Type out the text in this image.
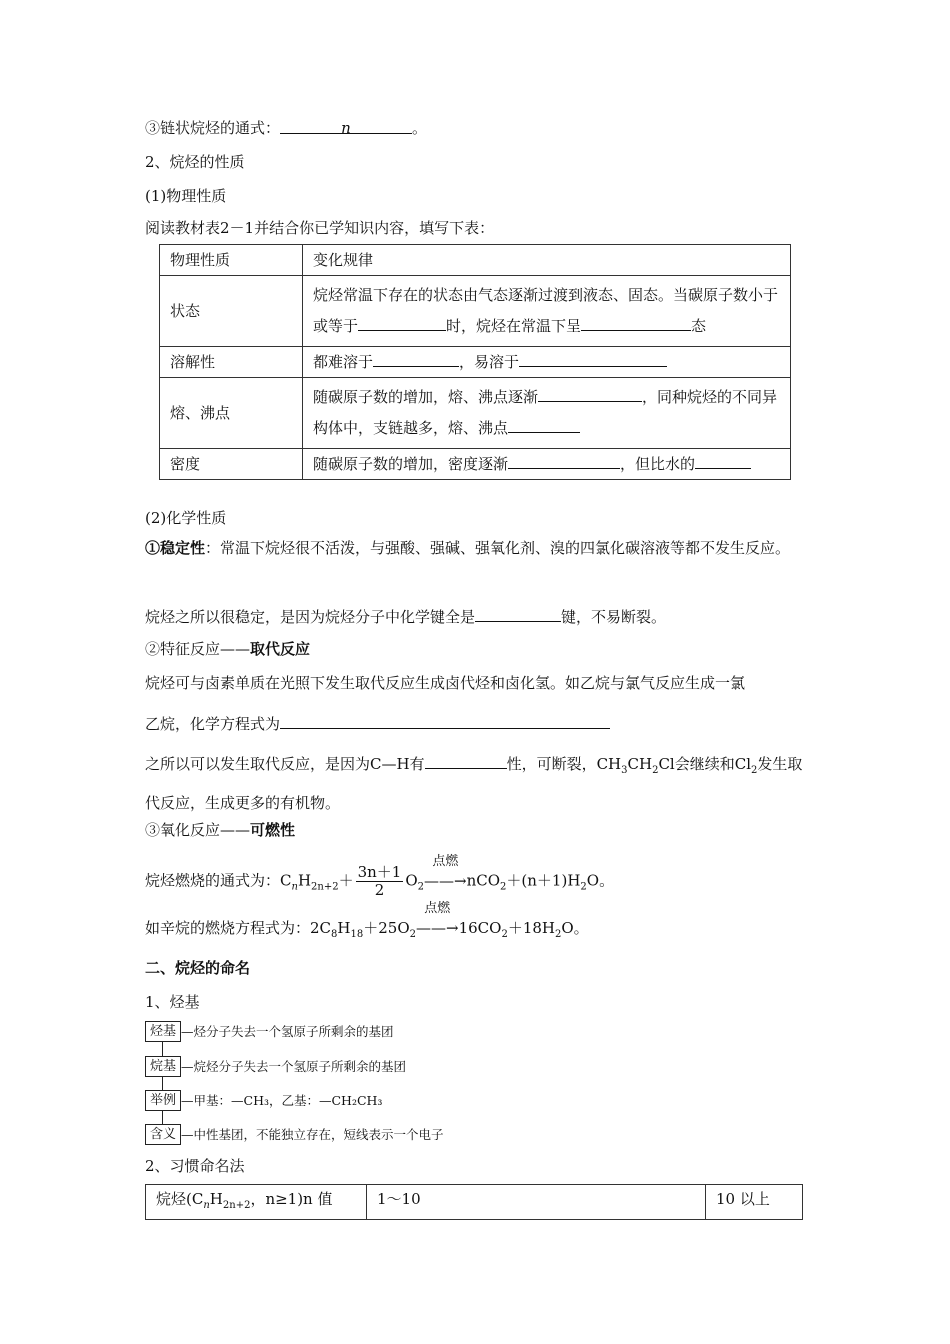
③链状烷烃的通式：	n	。
2、烷烃的性质
(1)物理性质
阅读教材表2－1并结合你已学知识内容，填写下表：
物理性质	变化规律
状态	烷烃常温下存在的状态由气态逐渐过渡到液态、固态。当碳原子数小于或等于 时，烷烃在常温下呈 态
溶解性	都难溶于 ，易溶于
熔、沸点	随碳原子数的增加，熔、沸点逐渐 ，同种烷烃的不同异构体中，支链越多，熔、沸点
密度	随碳原子数的增加，密度逐渐 ，但比水的
(2)化学性质
①稳定性：常温下烷烃很不活泼，与强酸、强碱、强氧化剂、溴的四氯化碳溶液等都不发生反应。
烷烃之所以很稳定，是因为烷烃分子中化学键全是	键，不易断裂。
②特征反应——取代反应
烷烃可与卤素单质在光照下发生取代反应生成卤代烃和卤化氢。如乙烷与氯气反应生成一氯
乙烷，化学方程式为
之所以可以发生取代反应，是因为C—H有	性，可断裂，$CH_3CH_2Cl$会继续和$Cl_2$发生取代反应，生成更多的有机物。
③氧化反应——可燃性
烷烃燃烧的通式为：$C_nH_{2n+2}+ \frac{3n+1}{2} O_2$
点燃
$——\to nCO_2+(n+1)H_2O$。
如辛烷的燃烧方程式为：$2C_8H_{18}+25O_2$
点燃
$——\to 16CO_2+18H_2O$。
二、烷烃的命名
1、烃基
烃基 —烃分子失去一个氢原子所剩余的基团
烷基 —烷烃分子失去一个氢原子所剩余的基团
举例 —甲基：—CH₃，乙基：—CH₂CH₃
含义 —中性基团，不能独立存在，短线表示一个电子
2、习惯命名法
烷烃($C_nH_{2n+2}$，n≥1)n 值	1～10	10 以上
